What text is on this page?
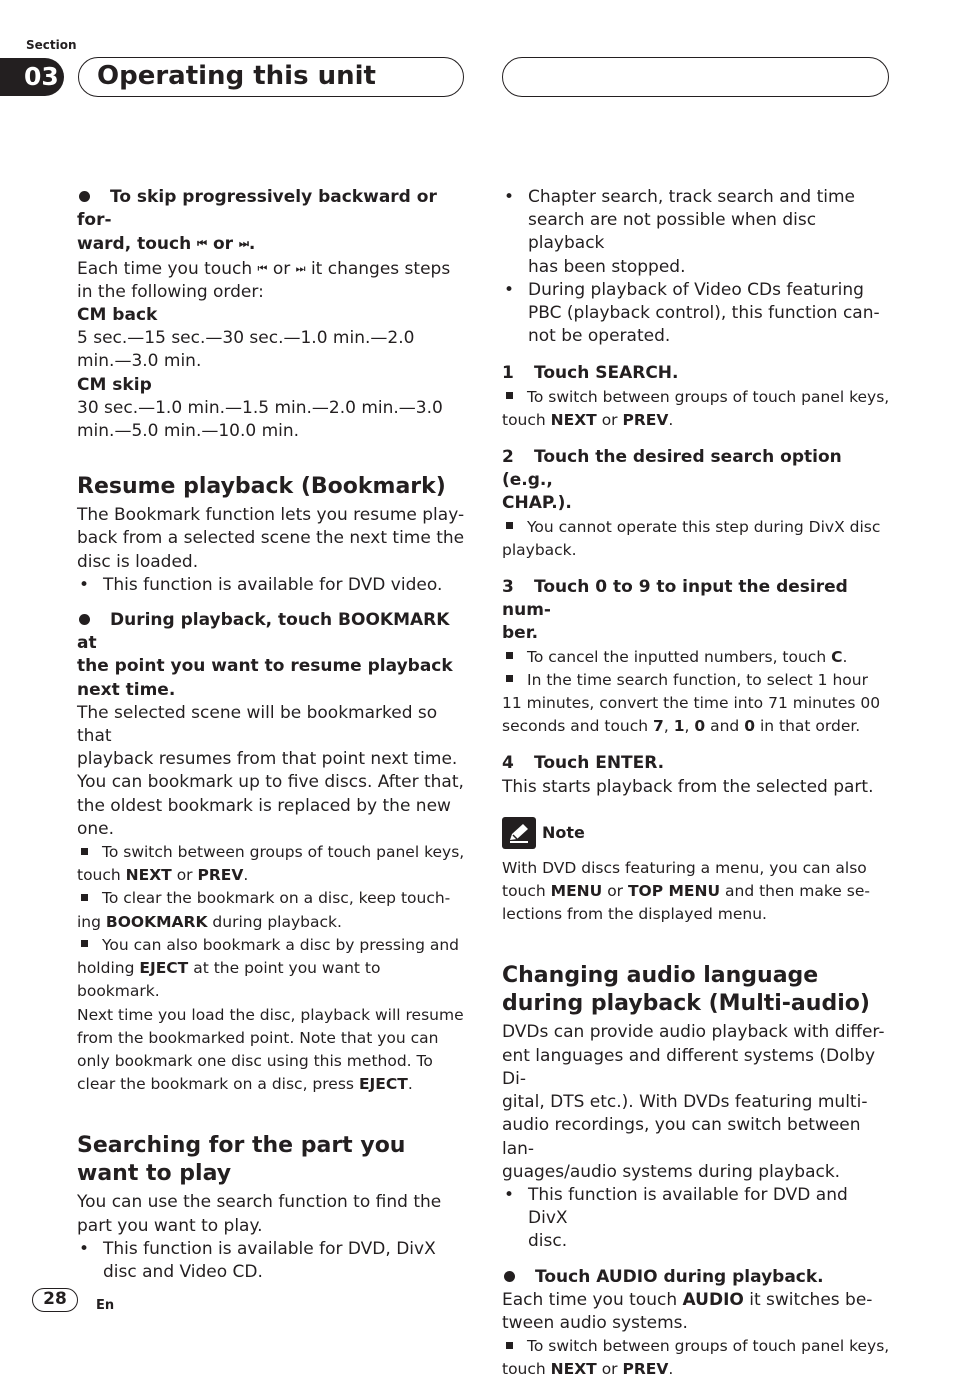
Section
03	Operating this unit

To skip progressively backward or for-

ward, touch ⏮ or ⏭.

Each time you touch ⏮ or ⏭ it changes steps

in the following order:

CM back

5 sec.—15 sec.—30 sec.—1.0 min.—2.0

min.—3.0 min.

CM skip

30 sec.—1.0 min.—1.5 min.—2.0 min.—3.0

min.—5.0 min.—10.0 min.

Resume playback (Bookmark)

The Bookmark function lets you resume play-

back from a selected scene the next time the

disc is loaded.

• This function is available for DVD video.

During playback, touch BOOKMARK at

the point you want to resume playback

next time.

The selected scene will be bookmarked so that

playback resumes from that point next time.

You can bookmark up to five discs. After that,

the oldest bookmark is replaced by the new

one.

To switch between groups of touch panel keys,

touch NEXT or PREV.

To clear the bookmark on a disc, keep touch-

ing BOOKMARK during playback.

You can also bookmark a disc by pressing and

holding EJECT at the point you want to bookmark.

Next time you load the disc, playback will resume

from the bookmarked point. Note that you can

only bookmark one disc using this method. To

clear the bookmark on a disc, press EJECT.

Searching for the part you
want to play

You can use the search function to find the

part you want to play.

• This function is available for DVD, DivX
disc and Video CD.

• Chapter search, track search and time
search are not possible when disc playback
has been stopped.

• During playback of Video CDs featuring
PBC (playback control), this function can-
not be operated.

1 Touch SEARCH.

To switch between groups of touch panel keys,

touch NEXT or PREV.

2 Touch the desired search option (e.g.,

CHAP.).

You cannot operate this step during DivX disc

playback.

3 Touch 0 to 9 to input the desired num-

ber.

To cancel the inputted numbers, touch C.

In the time search function, to select 1 hour

11 minutes, convert the time into 71 minutes 00

seconds and touch 7, 1, 0 and 0 in that order.

4 Touch ENTER.

This starts playback from the selected part.

Note

With DVD discs featuring a menu, you can also

touch MENU or TOP MENU and then make se-

lections from the displayed menu.

Changing audio language
during playback (Multi-audio)

DVDs can provide audio playback with differ-

ent languages and different systems (Dolby Di-

gital, DTS etc.). With DVDs featuring multi-

audio recordings, you can switch between lan-

guages/audio systems during playback.

• This function is available for DVD and DivX
disc.

Touch AUDIO during playback.

Each time you touch AUDIO it switches be-

tween audio systems.

To switch between groups of touch panel keys,

touch NEXT or PREV.

28	En
